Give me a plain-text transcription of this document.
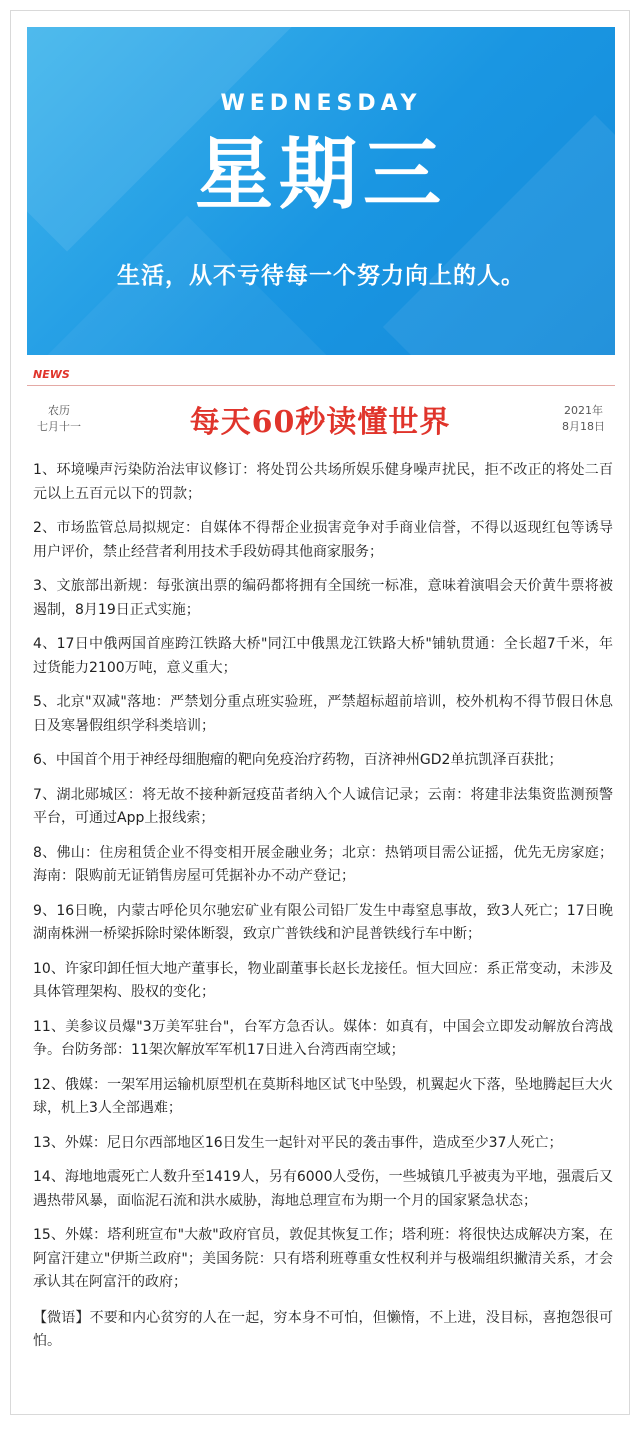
WEDNESDAY
星期三
生活，从不亏待每一个努力向上的人。
NEWS
农历
七月十一	每天60秒读懂世界	2021年
8月18日
1、环境噪声污染防治法审议修订：将处罚公共场所娱乐健身噪声扰民，拒不改正的将处二百元以上五百元以下的罚款；
2、市场监管总局拟规定：自媒体不得帮企业损害竞争对手商业信誉，不得以返现红包等诱导用户评价，禁止经营者利用技术手段妨碍其他商家服务；
3、文旅部出新规：每张演出票的编码都将拥有全国统一标准，意味着演唱会天价黄牛票将被遏制，8月19日正式实施；
4、17日中俄两国首座跨江铁路大桥"同江中俄黑龙江铁路大桥"铺轨贯通：全长超7千米，年过货能力2100万吨，意义重大；
5、北京"双减"落地：严禁划分重点班实验班，严禁超标超前培训，校外机构不得节假日休息日及寒暑假组织学科类培训；
6、中国首个用于神经母细胞瘤的靶向免疫治疗药物，百济神州GD2单抗凯泽百获批；
7、湖北郧城区：将无故不接种新冠疫苗者纳入个人诚信记录；云南：将建非法集资监测预警平台，可通过App上报线索；
8、佛山：住房租赁企业不得变相开展金融业务；北京：热销项目需公证摇，优先无房家庭；海南：限购前无证销售房屋可凭据补办不动产登记；
9、16日晚，内蒙古呼伦贝尔驰宏矿业有限公司铅厂发生中毒窒息事故，致3人死亡；17日晚湖南株洲一桥梁拆除时梁体断裂，致京广普铁线和沪昆普铁线行车中断；
10、许家印卸任恒大地产董事长，物业副董事长赵长龙接任。恒大回应：系正常变动，未涉及具体管理架构、股权的变化；
11、美参议员爆"3万美军驻台"，台军方急否认。媒体：如真有，中国会立即发动解放台湾战争。台防务部：11架次解放军军机17日进入台湾西南空域；
12、俄媒：一架军用运输机原型机在莫斯科地区试飞中坠毁，机翼起火下落，坠地腾起巨大火球，机上3人全部遇难；
13、外媒：尼日尔西部地区16日发生一起针对平民的袭击事件，造成至少37人死亡；
14、海地地震死亡人数升至1419人，另有6000人受伤，一些城镇几乎被夷为平地，强震后又遇热带风暴，面临泥石流和洪水威胁，海地总理宣布为期一个月的国家紧急状态；
15、外媒：塔利班宣布"大赦"政府官员，敦促其恢复工作；塔利班：将很快达成解决方案，在阿富汗建立"伊斯兰政府"；美国务院：只有塔利班尊重女性权利并与极端组织撇清关系，才会承认其在阿富汗的政府；
【微语】不要和内心贫穷的人在一起，穷本身不可怕，但懒惰，不上进，没目标，喜抱怨很可怕。
